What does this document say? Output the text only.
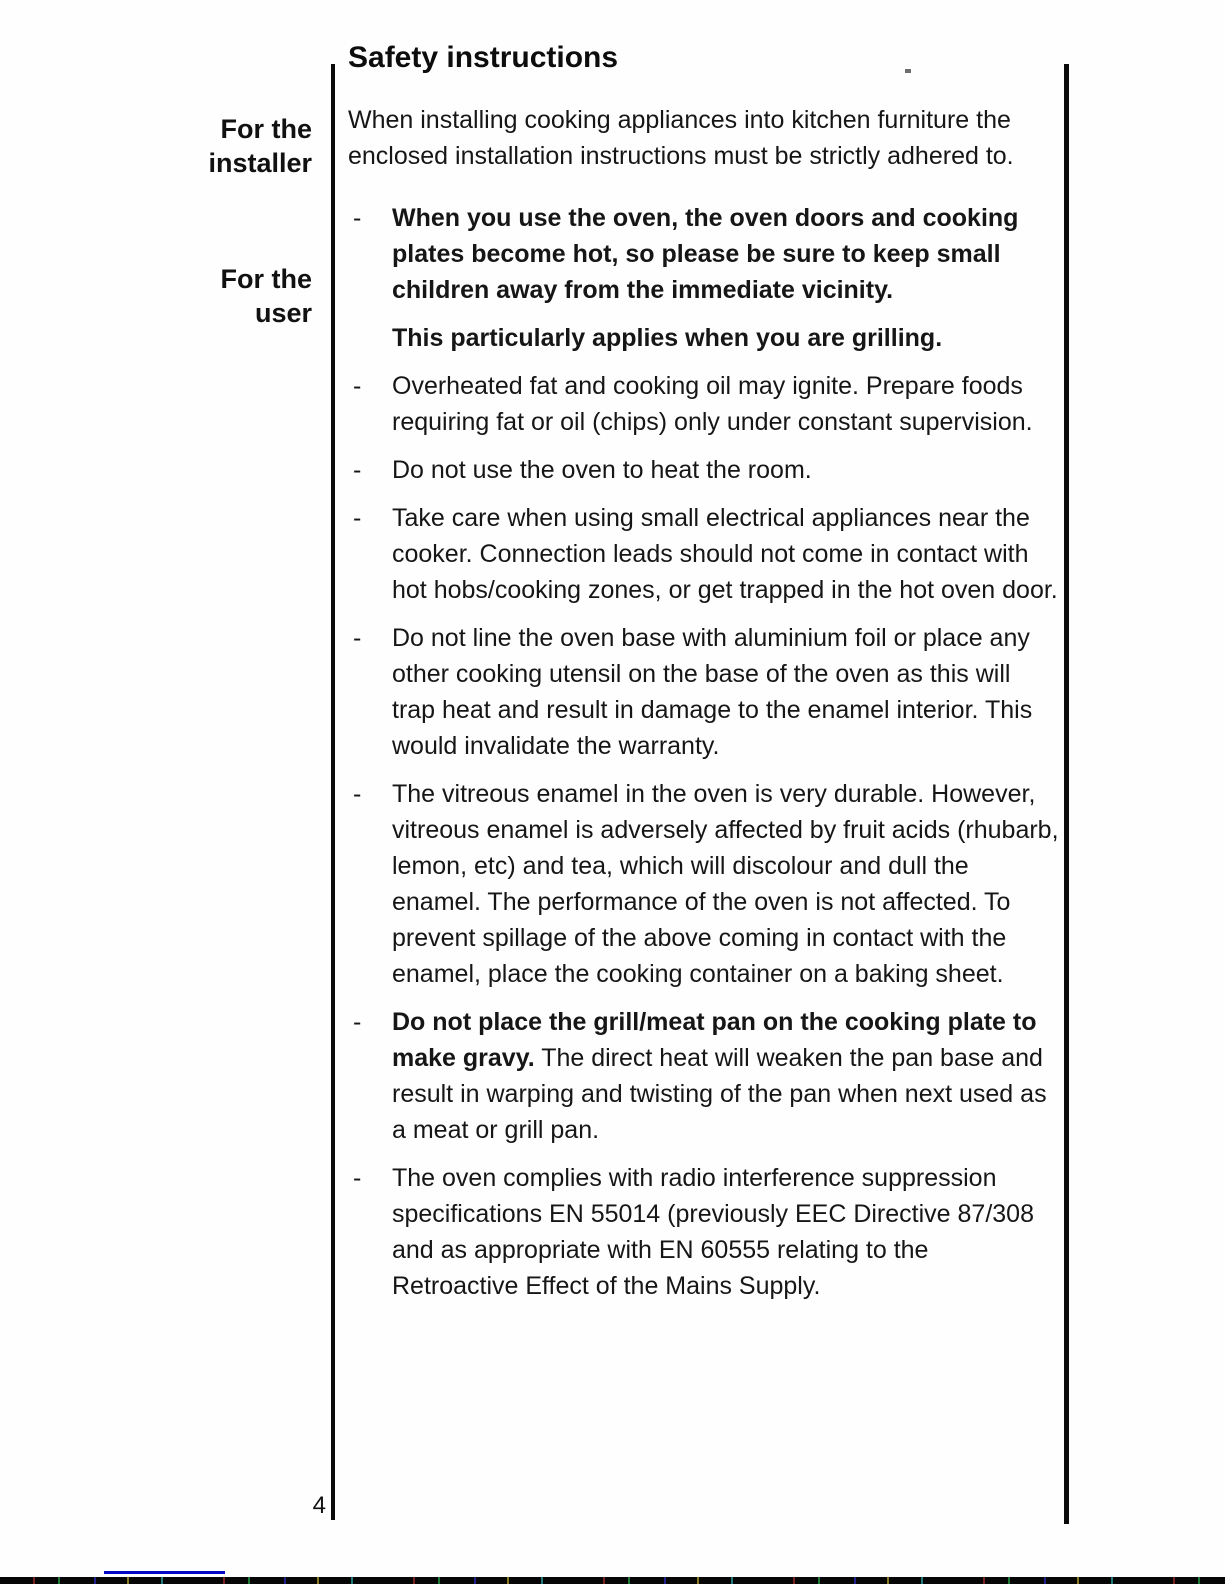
For the
installer
For the
user
Safety instructions

When installing cooking appliances into kitchen furniture the enclosed installation instructions must be strictly adhered to.

-	When you use the oven, the oven doors and cooking plates become hot, so please be sure to keep small children away from the immediate vicinity.
This particularly applies when you are grilling.
-	Overheated fat and cooking oil may ignite. Prepare foods requiring fat or oil (chips) only under constant supervision.
-	Do not use the oven to heat the room.
-	Take care when using small electrical appliances near the cooker. Connection leads should not come in contact with hot hobs/cooking zones, or get trapped in the hot oven door.
-	Do not line the oven base with aluminium foil or place any other cooking utensil on the base of the oven as this will trap heat and result in damage to the enamel interior. This would invalidate the warranty.
-	The vitreous enamel in the oven is very durable. However, vitreous enamel is adversely affected by fruit acids (rhubarb, lemon, etc) and tea, which will discolour and dull the enamel. The performance of the oven is not affected. To prevent spillage of the above coming in contact with the enamel, place the cooking container on a baking sheet.
-	Do not place the grill/meat pan on the cooking plate to make gravy. The direct heat will weaken the pan base and result in warping and twisting of the pan when next used as a meat or grill pan.
-	The oven complies with radio interference suppression specifications EN 55014 (previously EEC Directive 87/308 and as appropriate with EN 60555 relating to the Retroactive Effect of the Mains Supply.
4
